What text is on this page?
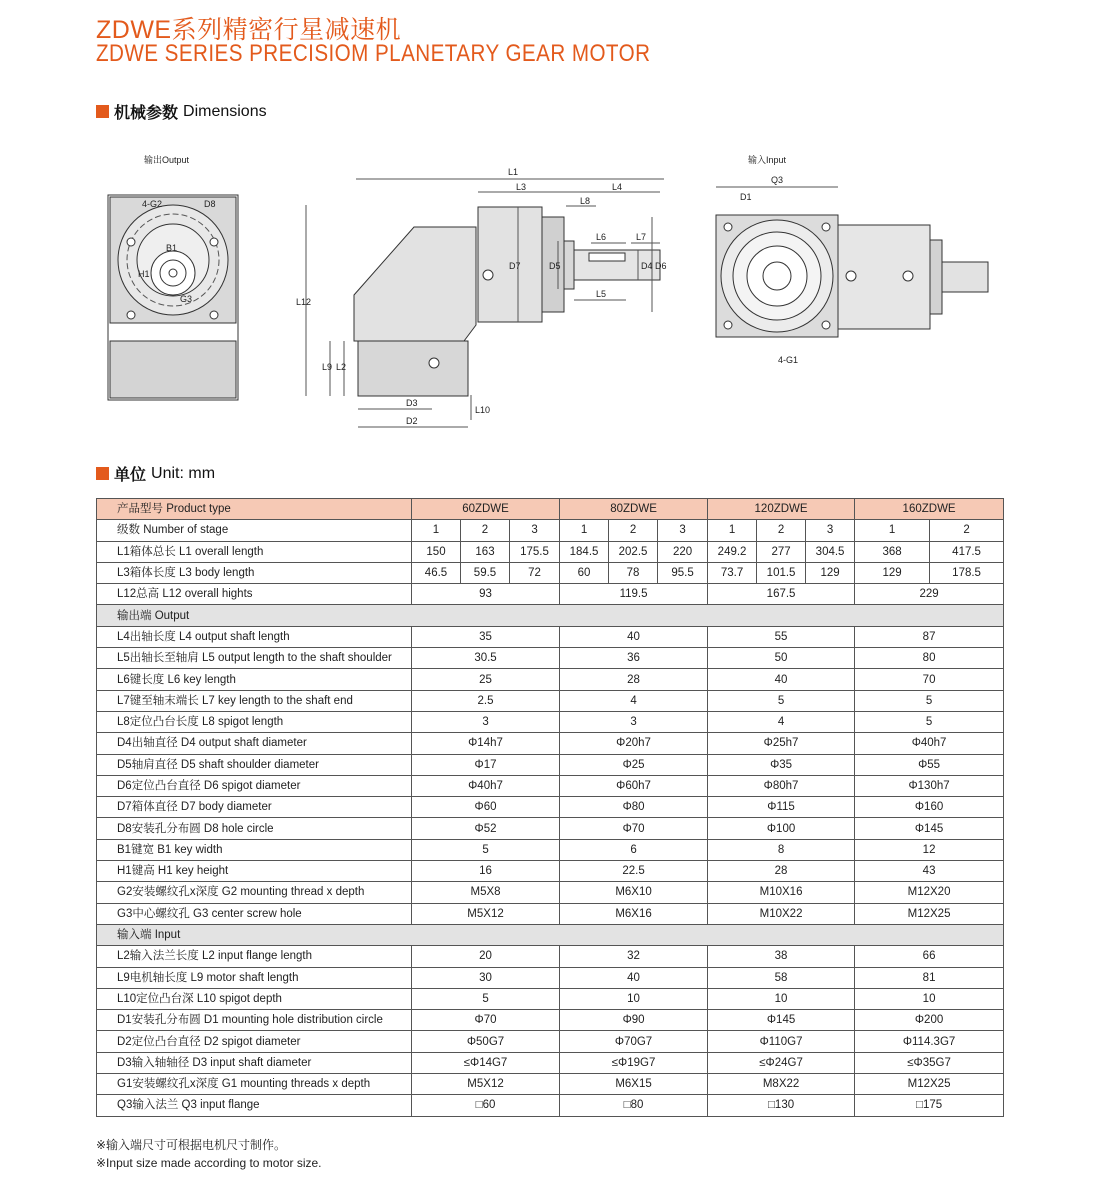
ZDWE系列精密行星减速机
ZDWE SERIES PRECISIOM PLANETARY GEAR MOTOR
机械参数 Dimensions
输出Output
4-G2	D8
B1
H1
G3
L1
L3	L4
L8
L6	L7
L5
L12
L9 L2
D3
D2
L10
D7	D5	D4 D6
输入Input
Q3
D1
4-G1
单位 Unit: mm
产品型号 Product type	60ZDWE			80ZDWE			120ZDWE			160ZDWE	
级数 Number of stage	1	2	3	1	2	3	1	2	3	1	2
L1箱体总长 L1 overall length	150	163	175.5	184.5	202.5	220	249.2	277	304.5	368	417.5
L3箱体长度 L3 body length	46.5	59.5	72	60	78	95.5	73.7	101.5	129	129	178.5
L12总高 L12 overall hights	93			119.5			167.5			229	
输出端 Output											
L4出轴长度 L4 output shaft length	35			40			55			87	
L5出轴长至轴肩 L5 output length to the shaft shoulder	30.5			36			50			80	
L6键长度 L6 key length	25			28			40			70	
L7键至轴末端长 L7 key length to the shaft end	2.5			4			5			5	
L8定位凸台长度 L8 spigot length	3			3			4			5	
D4出轴直径 D4 output shaft diameter	Φ14h7			Φ20h7			Φ25h7			Φ40h7	
D5轴肩直径 D5 shaft shoulder diameter	Φ17			Φ25			Φ35			Φ55	
D6定位凸台直径 D6 spigot diameter	Φ40h7			Φ60h7			Φ80h7			Φ130h7	
D7箱体直径 D7 body diameter	Φ60			Φ80			Φ115			Φ160	
D8安装孔分布圆 D8 hole circle	Φ52			Φ70			Φ100			Φ145	
B1键宽 B1 key width	5			6			8			12	
H1键高 H1 key height	16			22.5			28			43	
G2安装螺纹孔x深度 G2 mounting thread x depth	M5X8			M6X10			M10X16			M12X20	
G3中心螺纹孔 G3 center screw hole	M5X12			M6X16			M10X22			M12X25	
输入端 Input											
L2输入法兰长度 L2 input flange length	20			32			38			66	
L9电机轴长度 L9 motor shaft length	30			40			58			81	
L10定位凸台深 L10 spigot depth	5			10			10			10	
D1安装孔分布圆 D1 mounting hole distribution circle	Φ70			Φ90			Φ145			Φ200	
D2定位凸台直径 D2 spigot diameter	Φ50G7			Φ70G7			Φ110G7			Φ114.3G7	
D3输入轴轴径 D3 input shaft diameter	≤Φ14G7			≤Φ19G7			≤Φ24G7			≤Φ35G7	
G1安装螺纹孔x深度 G1 mounting threads x depth	M5X12			M6X15			M8X22			M12X25	
Q3输入法兰 Q3 input flange	□60			□80			□130			□175	
※输入端尺寸可根据电机尺寸制作。
※Input size made according to motor size.
